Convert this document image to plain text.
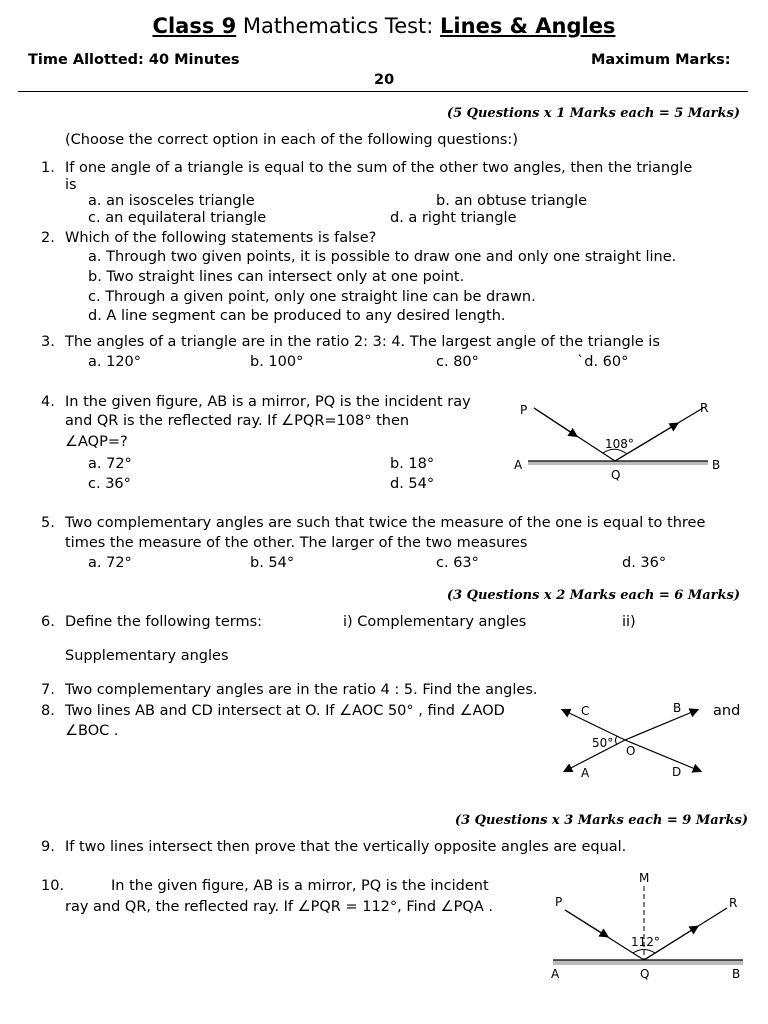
Class 9 Mathematics Test: Lines & Angles
Time Allotted: 40 Minutes	Maximum Marks:
20
(5 Questions x 1 Marks each = 5 Marks)
(Choose the correct option in each of the following questions:)
1. If one angle of a triangle is equal to the sum of the other two angles, then the triangle
is
a. an isosceles triangle	b. an obtuse triangle
c. an equilateral triangle	d. a right triangle
2. Which of the following statements is false?
a. Through two given points, it is possible to draw one and only one straight line.
b. Two straight lines can intersect only at one point.
c. Through a given point, only one straight line can be drawn.
d. A line segment can be produced to any desired length.
3. The angles of a triangle are in the ratio 2: 3: 4. The largest angle of the triangle is
a. 120°	b. 100°	c. 80°	`d. 60°
4. In the given figure, AB is a mirror, PQ is the incident ray
and QR is the reflected ray. If ∠PQR=108° then
∠AQP=?
a. 72°	b. 18°
c. 36°	d. 54°
P	R
A	B
Q
108°
5. Two complementary angles are such that twice the measure of the one is equal to three
times the measure of the other. The larger of the two measures
a. 72°	b. 54°	c. 63°	d. 36°
(3 Questions x 2 Marks each = 6 Marks)
6. Define the following terms:	i) Complementary angles	ii)
Supplementary angles
7. Two complementary angles are in the ratio 4 : 5. Find the angles.
8. Two lines AB and CD intersect at O. If ∠AOC 50° , find ∠AOD	and
∠BOC .
C	B
A	D
O
50°
(3 Questions x 3 Marks each = 9 Marks)
9. If two lines intersect then prove that the vertically opposite angles are equal.
10.	In the given figure, AB is a mirror, PQ is the incident
ray and QR, the reflected ray. If ∠PQR = 112°, Find ∠PQA .
M
P	R
A	Q	B
112°
